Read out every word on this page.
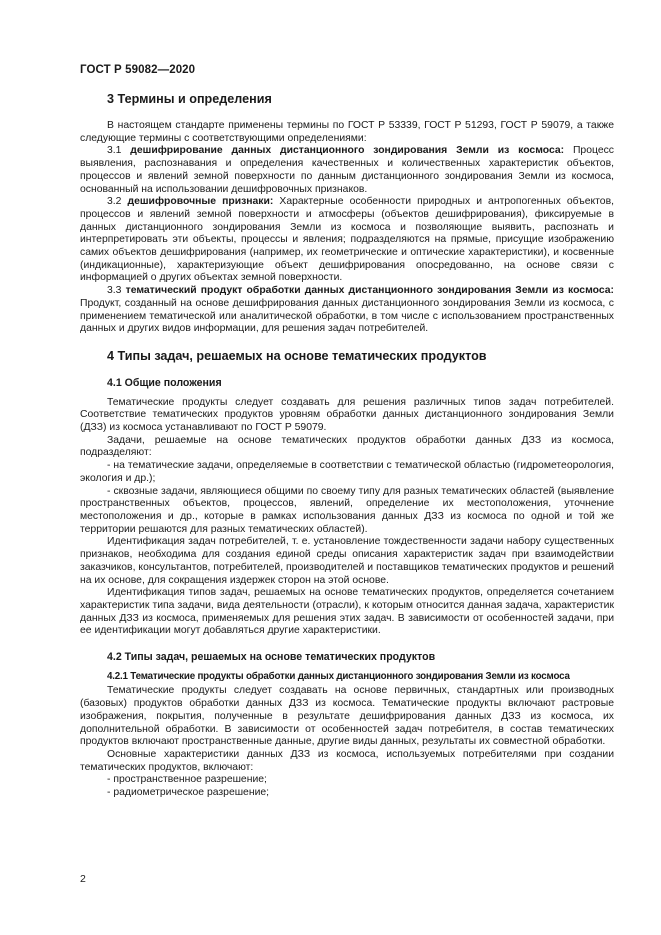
ГОСТ Р 59082—2020
3 Термины и определения

В настоящем стандарте применены термины по ГОСТ Р 53339, ГОСТ Р 51293, ГОСТ Р 59079, а также следующие термины с соответствующими определениями:

3.1 дешифрирование данных дистанционного зондирования Земли из космоса: Процесс выявления, распознавания и определения качественных и количественных характеристик объектов, процессов и явлений земной поверхности по данным дистанционного зондирования Земли из космоса, основанный на использовании дешифровочных признаков.

3.2 дешифровочные признаки: Характерные особенности природных и антропогенных объектов, процессов и явлений земной поверхности и атмосферы (объектов дешифрирования), фиксируемые в данных дистанционного зондирования Земли из космоса и позволяющие выявить, распознать и интерпретировать эти объекты, процессы и явления; подразделяются на прямые, присущие изображению самих объектов дешифрирования (например, их геометрические и оптические характеристики), и косвенные (индикационные), характеризующие объект дешифрирования опосредованно, на основе связи с информацией о других объектах земной поверхности.

3.3 тематический продукт обработки данных дистанционного зондирования Земли из космоса: Продукт, созданный на основе дешифрирования данных дистанционного зондирования Земли из космоса, с применением тематической или аналитической обработки, в том числе с использованием пространственных данных и других видов информации, для решения задач потребителей.

4 Типы задач, решаемых на основе тематических продуктов
4.1 Общие положения

Тематические продукты следует создавать для решения различных типов задач потребителей. Соответствие тематических продуктов уровням обработки данных дистанционного зондирования Земли (ДЗЗ) из космоса устанавливают по ГОСТ Р 59079.

Задачи, решаемые на основе тематических продуктов обработки данных ДЗЗ из космоса, подразделяют:

- на тематические задачи, определяемые в соответствии с тематической областью (гидрометеорология, экология и др.);

- сквозные задачи, являющиеся общими по своему типу для разных тематических областей (выявление пространственных объектов, процессов, явлений, определение их местоположения, уточнение местоположения и др., которые в рамках использования данных ДЗЗ из космоса по одной и той же территории решаются для разных тематических областей).

Идентификация задач потребителей, т. е. установление тождественности задачи набору существенных признаков, необходима для создания единой среды описания характеристик задач при взаимодействии заказчиков, консультантов, потребителей, производителей и поставщиков тематических продуктов и решений на их основе, для сокращения издержек сторон на этой основе.

Идентификация типов задач, решаемых на основе тематических продуктов, определяется сочетанием характеристик типа задачи, вида деятельности (отрасли), к которым относится данная задача, характеристик данных ДЗЗ из космоса, применяемых для решения этих задач. В зависимости от особенностей задачи, при ее идентификации могут добавляться другие характеристики.

4.2 Типы задач, решаемых на основе тематических продуктов
4.2.1 Тематические продукты обработки данных дистанционного зондирования Земли из космоса

Тематические продукты следует создавать на основе первичных, стандартных или производных (базовых) продуктов обработки данных ДЗЗ из космоса. Тематические продукты включают растровые изображения, покрытия, полученные в результате дешифрирования данных ДЗЗ из космоса, их дополнительной обработки. В зависимости от особенностей задач потребителя, в состав тематических продуктов включают пространственные данные, другие виды данных, результаты их совместной обработки.

Основные характеристики данных ДЗЗ из космоса, используемых потребителями при создании тематических продуктов, включают:

- пространственное разрешение;

- радиометрическое разрешение;

2
